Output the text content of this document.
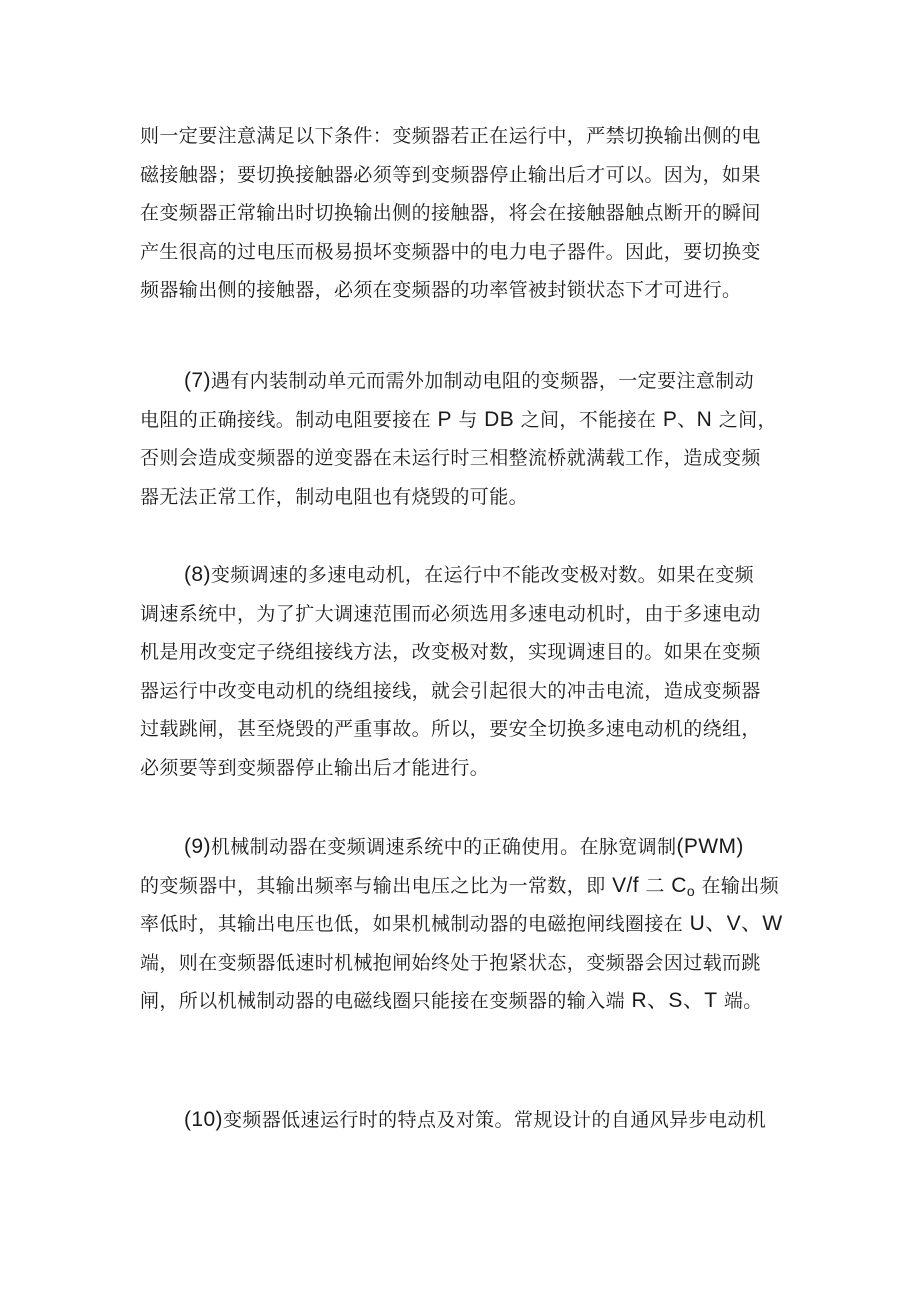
则一定要注意满足以下条件：变频器若正在运行中，严禁切换输出侧的电
磁接触器；要切换接触器必须等到变频器停止输出后才可以。因为，如果
在变频器正常输出时切换输出侧的接触器，将会在接触器触点断开的瞬间
产生很高的过电压而极易损坏变频器中的电力电子器件。因此，要切换变
频器输出侧的接触器，必须在变频器的功率管被封锁状态下才可进行。
(7)遇有内装制动单元而需外加制动电阻的变频器，一定要注意制动
电阻的正确接线。制动电阻要接在 P 与 DB 之间，不能接在 P、N 之间，
否则会造成变频器的逆变器在未运行时三相整流桥就满载工作，造成变频
器无法正常工作，制动电阻也有烧毁的可能。
(8)变频调速的多速电动机，在运行中不能改变极对数。如果在变频
调速系统中，为了扩大调速范围而必须选用多速电动机时，由于多速电动
机是用改变定子绕组接线方法，改变极对数，实现调速目的。如果在变频
器运行中改变电动机的绕组接线，就会引起很大的冲击电流，造成变频器
过载跳闸，甚至烧毁的严重事故。所以，要安全切换多速电动机的绕组，
必须要等到变频器停止输出后才能进行。
(9)机械制动器在变频调速系统中的正确使用。在脉宽调制(PWM)
的变频器中，其输出频率与输出电压之比为一常数，即 V/f 二 $C_o$ 在输出频
率低时，其输出电压也低，如果机械制动器的电磁抱闸线圈接在 U、V、W
端，则在变频器低速时机械抱闸始终处于抱紧状态，变频器会因过载而跳
闸，所以机械制动器的电磁线圈只能接在变频器的输入端 R、S、T 端。
(10)变频器低速运行时的特点及对策。常规设计的自通风异步电动机
